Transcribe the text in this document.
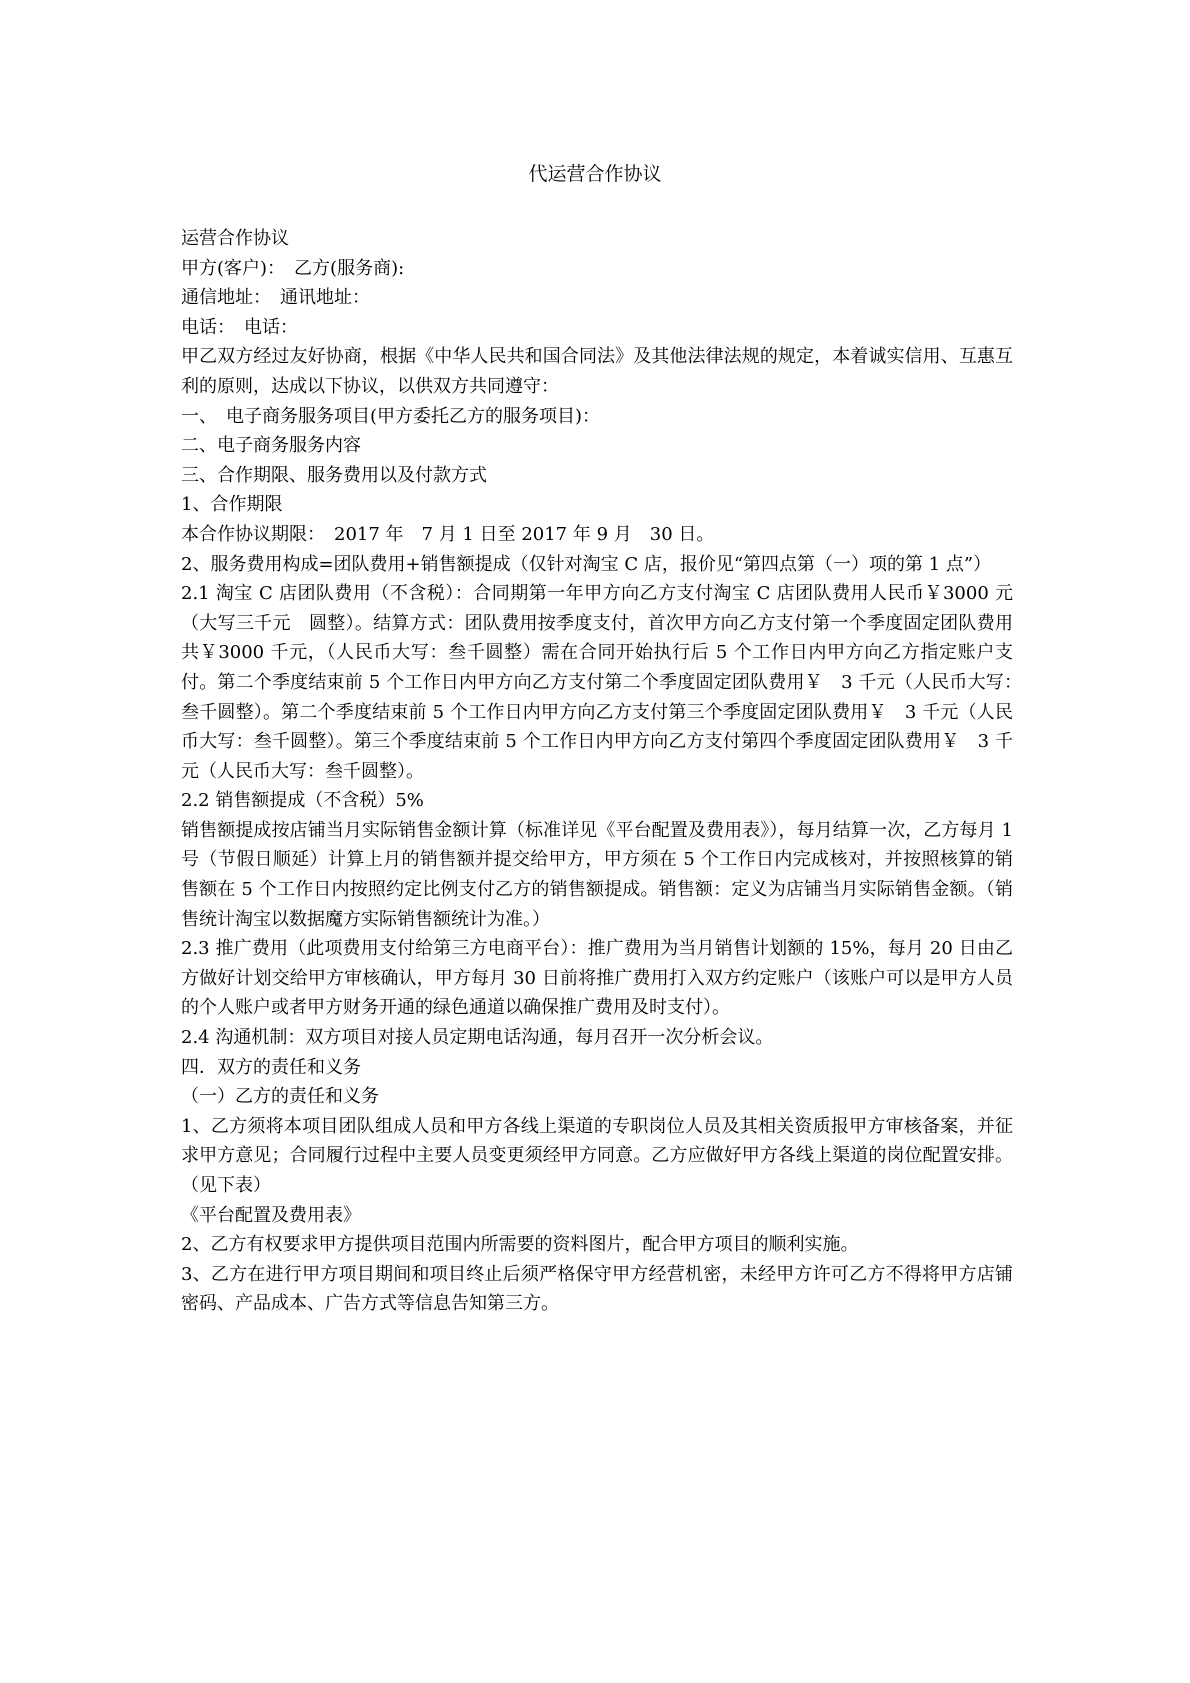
代运营合作协议

运营合作协议

甲方(客户)：　乙方(服务商):

通信地址：　通讯地址：

电话：　电话：

甲乙双方经过友好协商，根据《中华人民共和国合同法》及其他法律法规的规定，本着诚实信用、互惠互利的原则，达成以下协议，以供双方共同遵守：

一、　电子商务服务项目(甲方委托乙方的服务项目)：

二、电子商务服务内容

三、合作期限、服务费用以及付款方式

1、合作期限

本合作协议期限：　2017 年　7 月 1 日至 2017 年 9 月　30 日。

2、服务费用构成=团队费用+销售额提成（仅针对淘宝 C 店，报价见“第四点第（一）项的第 1 点”）

2.1 淘宝 C 店团队费用（不含税）：合同期第一年甲方向乙方支付淘宝 C 店团队费用人民币￥3000 元（大写三千元　圆整）。结算方式：团队费用按季度支付，首次甲方向乙方支付第一个季度固定团队费用共￥3000 千元，（人民币大写：叁千圆整）需在合同开始执行后 5 个工作日内甲方向乙方指定账户支付。第二个季度结束前 5 个工作日内甲方向乙方支付第二个季度固定团队费用￥　3 千元（人民币大写：　叁千圆整）。第二个季度结束前 5 个工作日内甲方向乙方支付第三个季度固定团队费用￥　3 千元（人民币大写：叁千圆整）。第三个季度结束前 5 个工作日内甲方向乙方支付第四个季度固定团队费用￥　3 千元（人民币大写：叁千圆整）。

2.2 销售额提成（不含税）5%

销售额提成按店铺当月实际销售金额计算（标准详见《平台配置及费用表》），每月结算一次，乙方每月 1 号（节假日顺延）计算上月的销售额并提交给甲方，甲方须在 5 个工作日内完成核对，并按照核算的销售额在 5 个工作日内按照约定比例支付乙方的销售额提成。销售额：定义为店铺当月实际销售金额。（销售统计淘宝以数据魔方实际销售额统计为准。）

2.3 推广费用（此项费用支付给第三方电商平台）：推广费用为当月销售计划额的 15%，每月 20 日由乙方做好计划交给甲方审核确认，甲方每月 30 日前将推广费用打入双方约定账户（该账户可以是甲方人员的个人账户或者甲方财务开通的绿色通道以确保推广费用及时支付）。

2.4 沟通机制：双方项目对接人员定期电话沟通，每月召开一次分析会议。

四．双方的责任和义务

（一）乙方的责任和义务

1、乙方须将本项目团队组成人员和甲方各线上渠道的专职岗位人员及其相关资质报甲方审核备案，并征求甲方意见；合同履行过程中主要人员变更须经甲方同意。乙方应做好甲方各线上渠道的岗位配置安排。（见下表）

《平台配置及费用表》

2、乙方有权要求甲方提供项目范围内所需要的资料图片，配合甲方项目的顺利实施。

3、乙方在进行甲方项目期间和项目终止后须严格保守甲方经营机密，未经甲方许可乙方不得将甲方店铺密码、产品成本、广告方式等信息告知第三方。
